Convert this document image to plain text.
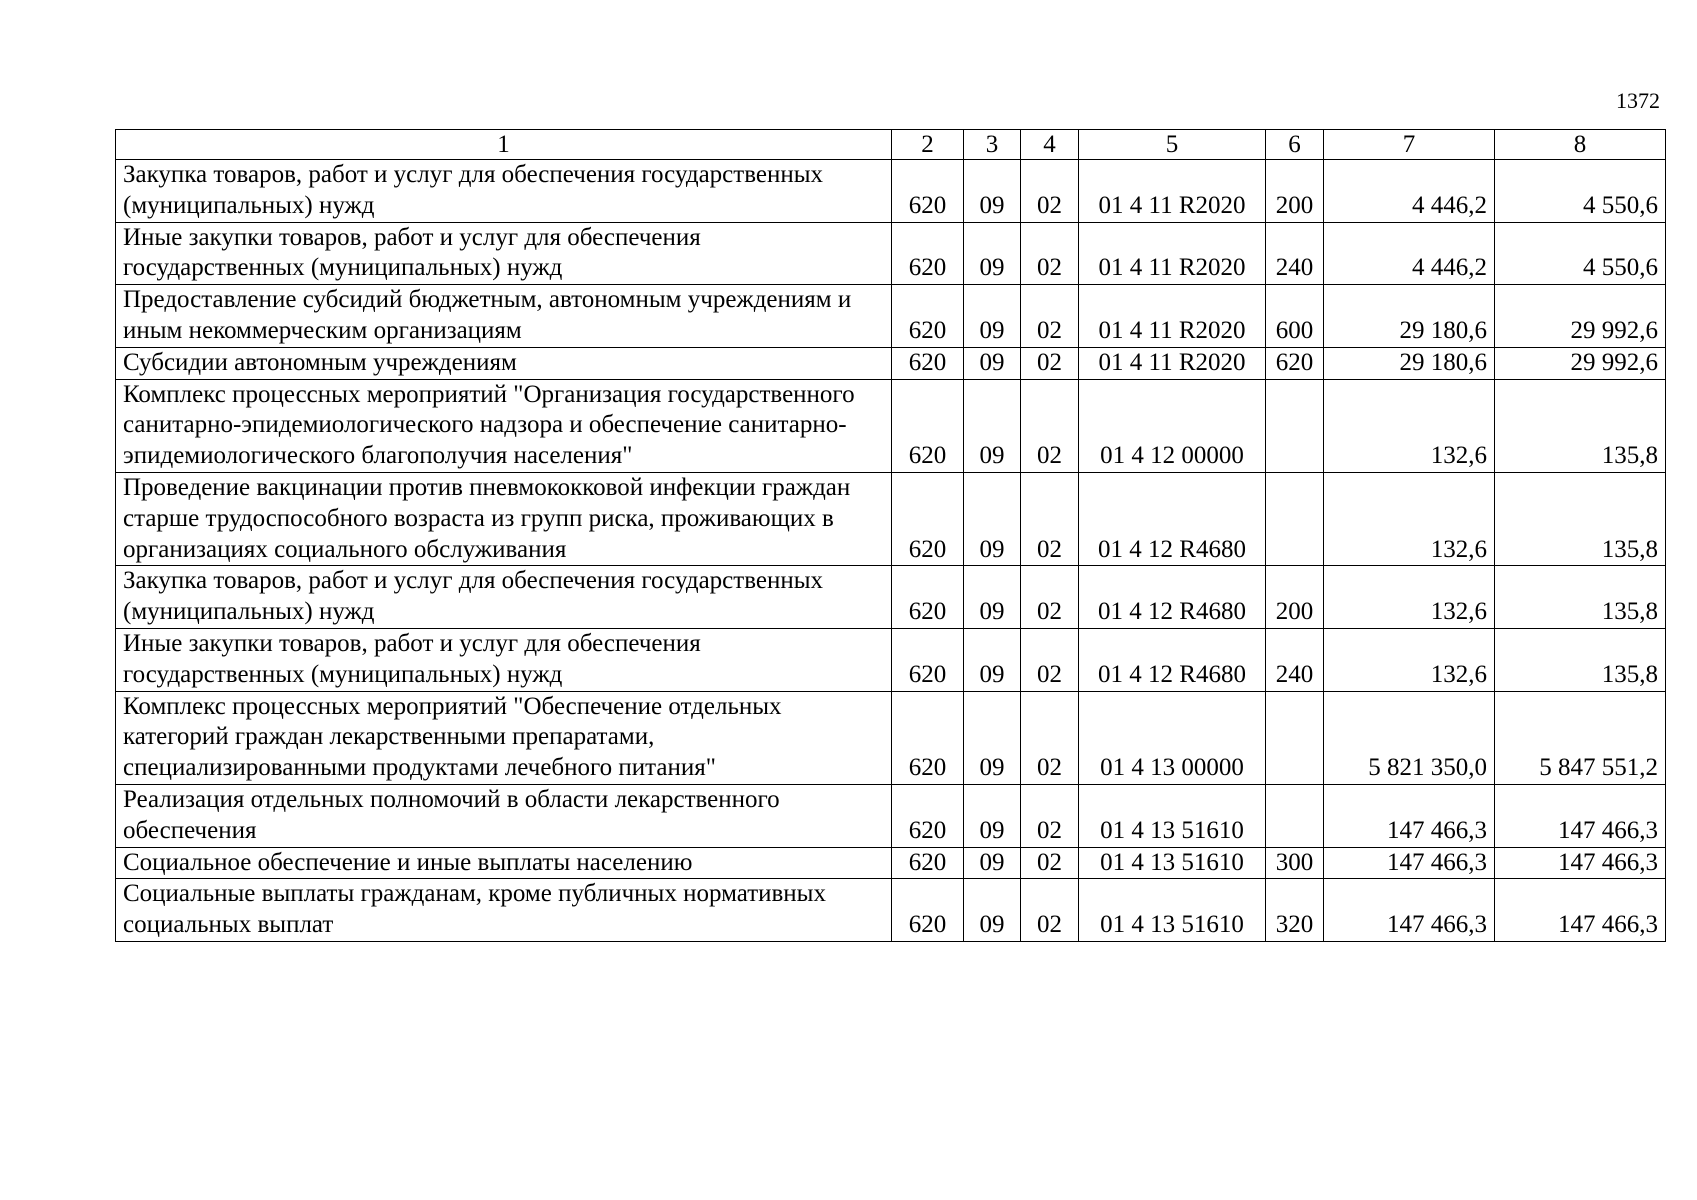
1372
1	2	3	4	5	6	7	8
Закупка товаров, работ и услуг для обеспечения государственных (муниципальных) нужд	620	09	02	01 4 11 R2020	200	4 446,2	4 550,6
Иные закупки товаров, работ и услуг для обеспечения государственных (муниципальных) нужд	620	09	02	01 4 11 R2020	240	4 446,2	4 550,6
Предоставление субсидий бюджетным, автономным учреждениям и иным некоммерческим организациям	620	09	02	01 4 11 R2020	600	29 180,6	29 992,6
Субсидии автономным учреждениям	620	09	02	01 4 11 R2020	620	29 180,6	29 992,6
Комплекс процессных мероприятий "Организация государственного санитарно-эпидемиологического надзора и обеспечение санитарно-эпидемиологического благополучия населения"	620	09	02	01 4 12 00000		132,6	135,8
Проведение вакцинации против пневмококковой инфекции граждан старше трудоспособного возраста из групп риска, проживающих в организациях социального обслуживания	620	09	02	01 4 12 R4680		132,6	135,8
Закупка товаров, работ и услуг для обеспечения государственных (муниципальных) нужд	620	09	02	01 4 12 R4680	200	132,6	135,8
Иные закупки товаров, работ и услуг для обеспечения государственных (муниципальных) нужд	620	09	02	01 4 12 R4680	240	132,6	135,8
Комплекс процессных мероприятий "Обеспечение отдельных категорий граждан лекарственными препаратами, специализированными продуктами лечебного питания"	620	09	02	01 4 13 00000		5 821 350,0	5 847 551,2
Реализация отдельных полномочий в области лекарственного обеспечения	620	09	02	01 4 13 51610		147 466,3	147 466,3
Социальное обеспечение и иные выплаты населению	620	09	02	01 4 13 51610	300	147 466,3	147 466,3
Социальные выплаты гражданам, кроме публичных нормативных социальных выплат	620	09	02	01 4 13 51610	320	147 466,3	147 466,3
